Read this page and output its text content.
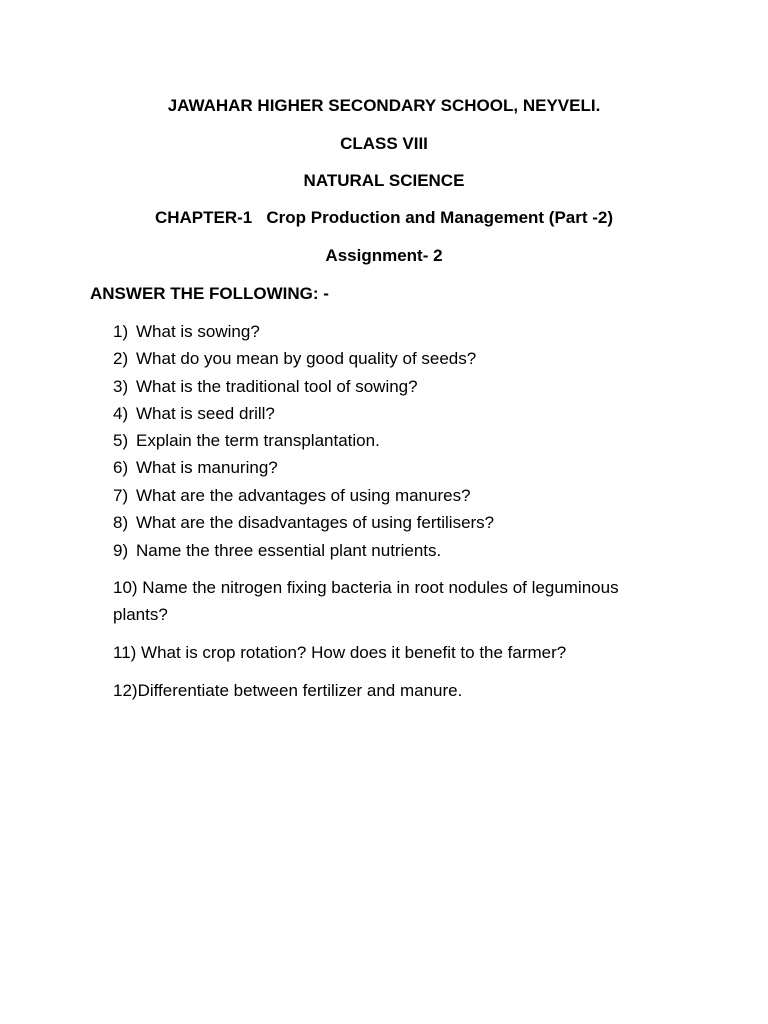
JAWAHAR HIGHER SECONDARY SCHOOL, NEYVELI.
CLASS VIII
NATURAL SCIENCE
CHAPTER-1   Crop Production and Management (Part -2)
Assignment- 2
ANSWER THE FOLLOWING: -
1) What is sowing?
2) What do you mean by good quality of seeds?
3) What is the traditional tool of sowing?
4) What is seed drill?
5) Explain the term transplantation.
6) What is manuring?
7) What are the advantages of using manures?
8) What are the disadvantages of using fertilisers?
9) Name the three essential plant nutrients.
10) Name the nitrogen fixing bacteria in root nodules of leguminous plants?
11) What is crop rotation? How does it benefit to the farmer?
12)Differentiate between fertilizer and manure.
